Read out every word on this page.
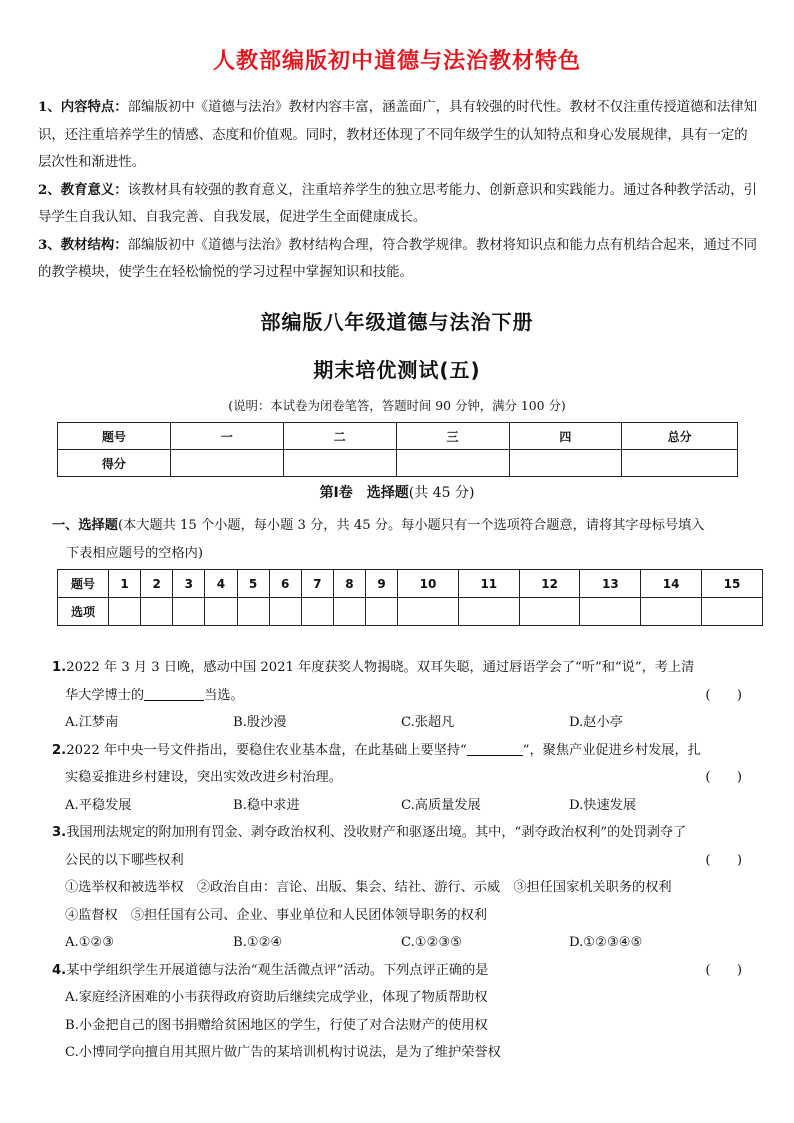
人教部编版初中道德与法治教材特色

1、内容特点：部编版初中《道德与法治》教材内容丰富，涵盖面广，具有较强的时代性。教材不仅注重传授道德和法律知识，还注重培养学生的情感、态度和价值观。同时，教材还体现了不同年级学生的认知特点和身心发展规律，具有一定的层次性和渐进性。

2、教育意义：该教材具有较强的教育意义，注重培养学生的独立思考能力、创新意识和实践能力。通过各种教学活动，引导学生自我认知、自我完善、自我发展，促进学生全面健康成长。

3、教材结构：部编版初中《道德与法治》教材结构合理，符合教学规律。教材将知识点和能力点有机结合起来，通过不同的教学模块，使学生在轻松愉悦的学习过程中掌握知识和技能。

部编版八年级道德与法治下册
期末培优测试(五)
(说明：本试卷为闭卷笔答，答题时间 90 分钟，满分 100 分)
题号	一	二	三	四	总分
得分					
第Ⅰ卷　选择题(共 45 分)
一、选择题(本大题共 15 个小题，每小题 3 分，共 45 分。每小题只有一个选项符合题意，请将其字母标号填入
下表相应题号的空格内)
题号	1	2	3	4	5	6	7	8	9	10	11	12	13	14	15
选项															
1.2022 年 3 月 3 日晚，感动中国 2021 年度获奖人物揭晓。双耳失聪，通过唇语学会了“听”和“说”，考上清
华大学博士的	当选。	(　　)
A.江梦南	B.殷沙漫	C.张超凡	D.赵小亭
2.2022 年中央一号文件指出，要稳住农业基本盘，在此基础上要坚持“	”，聚焦产业促进乡村发展，扎
实稳妥推进乡村建设，突出实效改进乡村治理。	(　　)
A.平稳发展	B.稳中求进	C.高质量发展	D.快速发展
3.我国刑法规定的附加刑有罚金、剥夺政治权利、没收财产和驱逐出境。其中，“剥夺政治权利”的处罚剥夺了
公民的以下哪些权利	(　　)
①选举权和被选举权　②政治自由：言论、出版、集会、结社、游行、示威　③担任国家机关职务的权利
④监督权　⑤担任国有公司、企业、事业单位和人民团体领导职务的权利
A.①②③	B.①②④	C.①②③⑤	D.①②③④⑤
4.某中学组织学生开展道德与法治“观生活微点评”活动。下列点评正确的是	(　　)
A.家庭经济困难的小韦获得政府资助后继续完成学业，体现了物质帮助权
B.小金把自己的图书捐赠给贫困地区的学生，行使了对合法财产的使用权
C.小博同学向擅自用其照片做广告的某培训机构讨说法，是为了维护荣誉权
